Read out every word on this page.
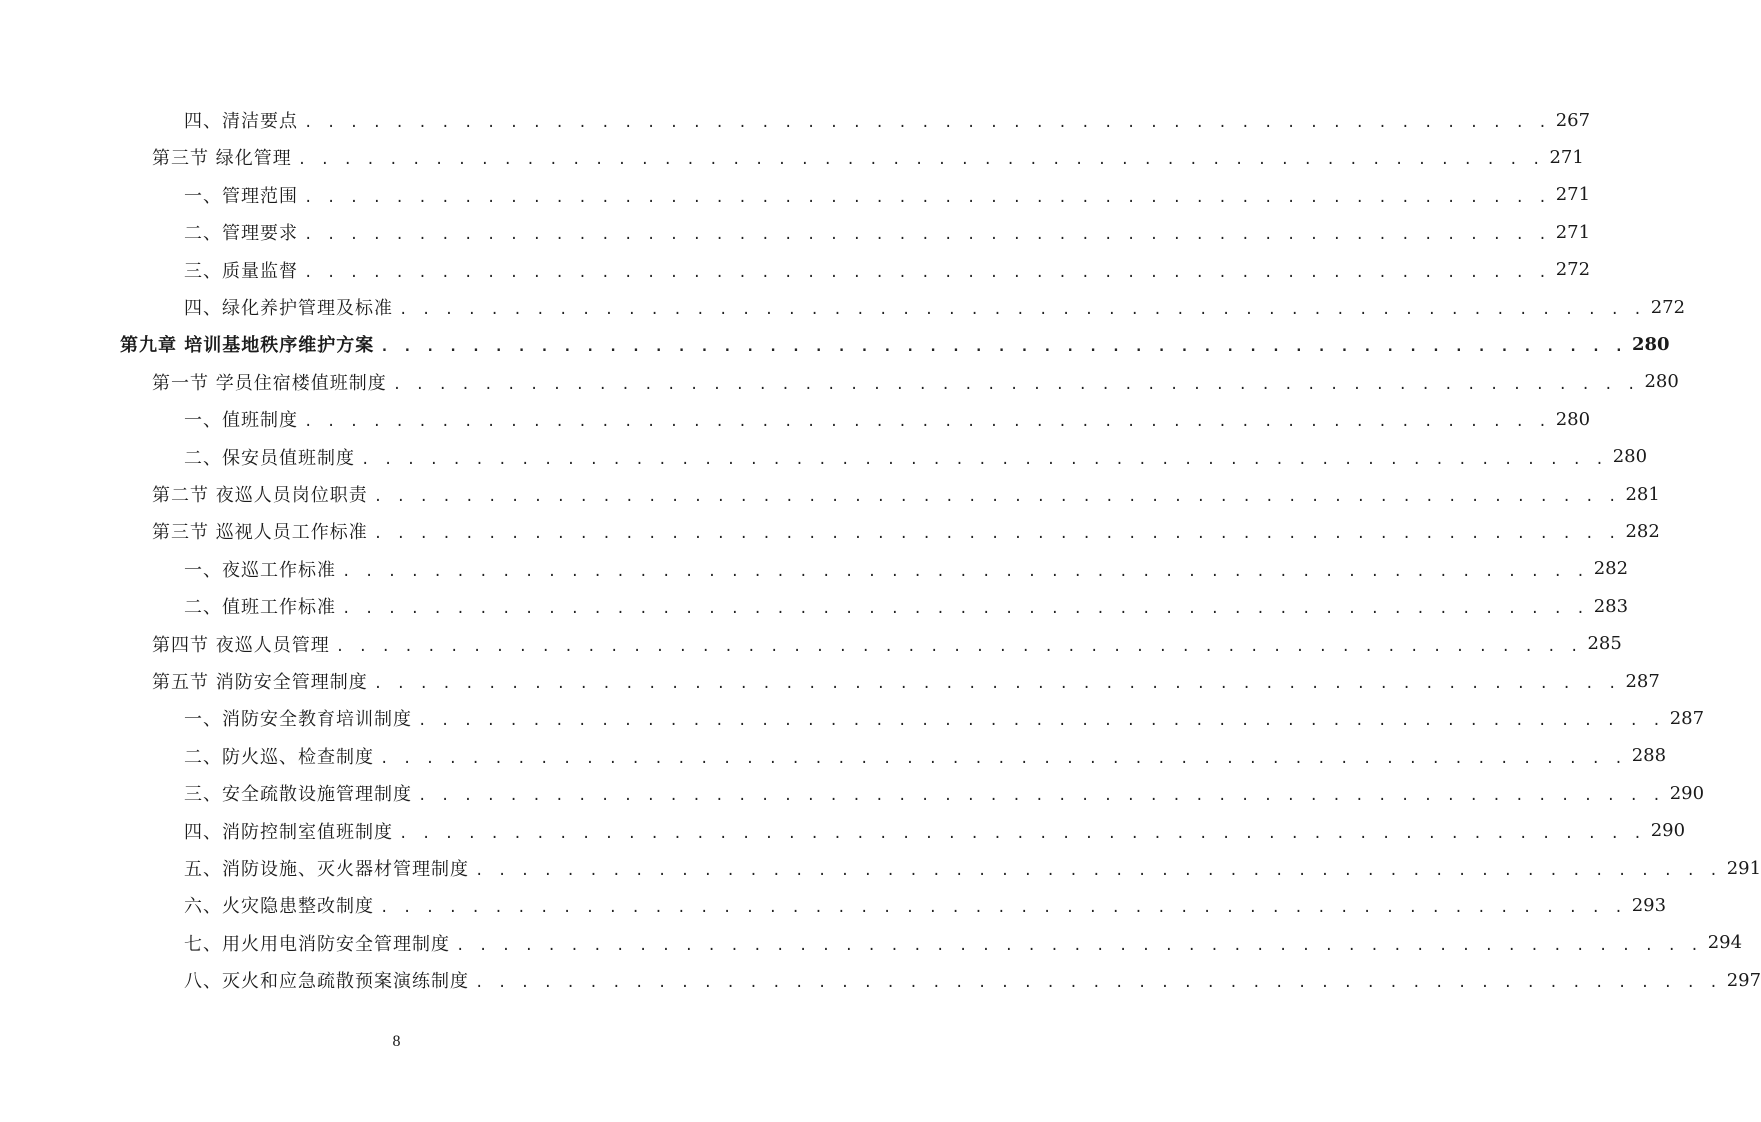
四、清洁要点 . . . . . . . . . . . . . . . . . . . . . . . . . . . . . . . . . . . . . . . . . . . . . . . . . . . . . . . 267
第三节 绿化管理 . . . . . . . . . . . . . . . . . . . . . . . . . . . . . . . . . . . . . . . . . . . . . . . . . . . . . . . 271
一、管理范围 . . . . . . . . . . . . . . . . . . . . . . . . . . . . . . . . . . . . . . . . . . . . . . . . . . . . . . . 271
二、管理要求 . . . . . . . . . . . . . . . . . . . . . . . . . . . . . . . . . . . . . . . . . . . . . . . . . . . . . . . 271
三、质量监督 . . . . . . . . . . . . . . . . . . . . . . . . . . . . . . . . . . . . . . . . . . . . . . . . . . . . . . . 272
四、绿化养护管理及标准 . . . . . . . . . . . . . . . . . . . . . . . . . . . . . . . . . . . . . . . . . . . . . . . . . . . . . . . 272
第九章 培训基地秩序维护方案 . . . . . . . . . . . . . . . . . . . . . . . . . . . . . . . . . . . . . . . . . . . . . . . . . . . . . . . 280
第一节 学员住宿楼值班制度 . . . . . . . . . . . . . . . . . . . . . . . . . . . . . . . . . . . . . . . . . . . . . . . . . . . . . . . 280
一、值班制度 . . . . . . . . . . . . . . . . . . . . . . . . . . . . . . . . . . . . . . . . . . . . . . . . . . . . . . . 280
二、保安员值班制度 . . . . . . . . . . . . . . . . . . . . . . . . . . . . . . . . . . . . . . . . . . . . . . . . . . . . . . . 280
第二节 夜巡人员岗位职责 . . . . . . . . . . . . . . . . . . . . . . . . . . . . . . . . . . . . . . . . . . . . . . . . . . . . . . . 281
第三节 巡视人员工作标准 . . . . . . . . . . . . . . . . . . . . . . . . . . . . . . . . . . . . . . . . . . . . . . . . . . . . . . . 282
一、夜巡工作标准 . . . . . . . . . . . . . . . . . . . . . . . . . . . . . . . . . . . . . . . . . . . . . . . . . . . . . . . 282
二、值班工作标准 . . . . . . . . . . . . . . . . . . . . . . . . . . . . . . . . . . . . . . . . . . . . . . . . . . . . . . . 283
第四节 夜巡人员管理 . . . . . . . . . . . . . . . . . . . . . . . . . . . . . . . . . . . . . . . . . . . . . . . . . . . . . . . 285
第五节 消防安全管理制度 . . . . . . . . . . . . . . . . . . . . . . . . . . . . . . . . . . . . . . . . . . . . . . . . . . . . . . . 287
一、消防安全教育培训制度 . . . . . . . . . . . . . . . . . . . . . . . . . . . . . . . . . . . . . . . . . . . . . . . . . . . . . . . 287
二、防火巡、检查制度 . . . . . . . . . . . . . . . . . . . . . . . . . . . . . . . . . . . . . . . . . . . . . . . . . . . . . . . 288
三、安全疏散设施管理制度 . . . . . . . . . . . . . . . . . . . . . . . . . . . . . . . . . . . . . . . . . . . . . . . . . . . . . . . 290
四、消防控制室值班制度 . . . . . . . . . . . . . . . . . . . . . . . . . . . . . . . . . . . . . . . . . . . . . . . . . . . . . . . 290
五、消防设施、灭火器材管理制度 . . . . . . . . . . . . . . . . . . . . . . . . . . . . . . . . . . . . . . . . . . . . . . . . . . . . . . . 291
六、火灾隐患整改制度 . . . . . . . . . . . . . . . . . . . . . . . . . . . . . . . . . . . . . . . . . . . . . . . . . . . . . . . 293
七、用火用电消防安全管理制度 . . . . . . . . . . . . . . . . . . . . . . . . . . . . . . . . . . . . . . . . . . . . . . . . . . . . . . . 294
八、灭火和应急疏散预案演练制度 . . . . . . . . . . . . . . . . . . . . . . . . . . . . . . . . . . . . . . . . . . . . . . . . . . . . . . . 297
8
